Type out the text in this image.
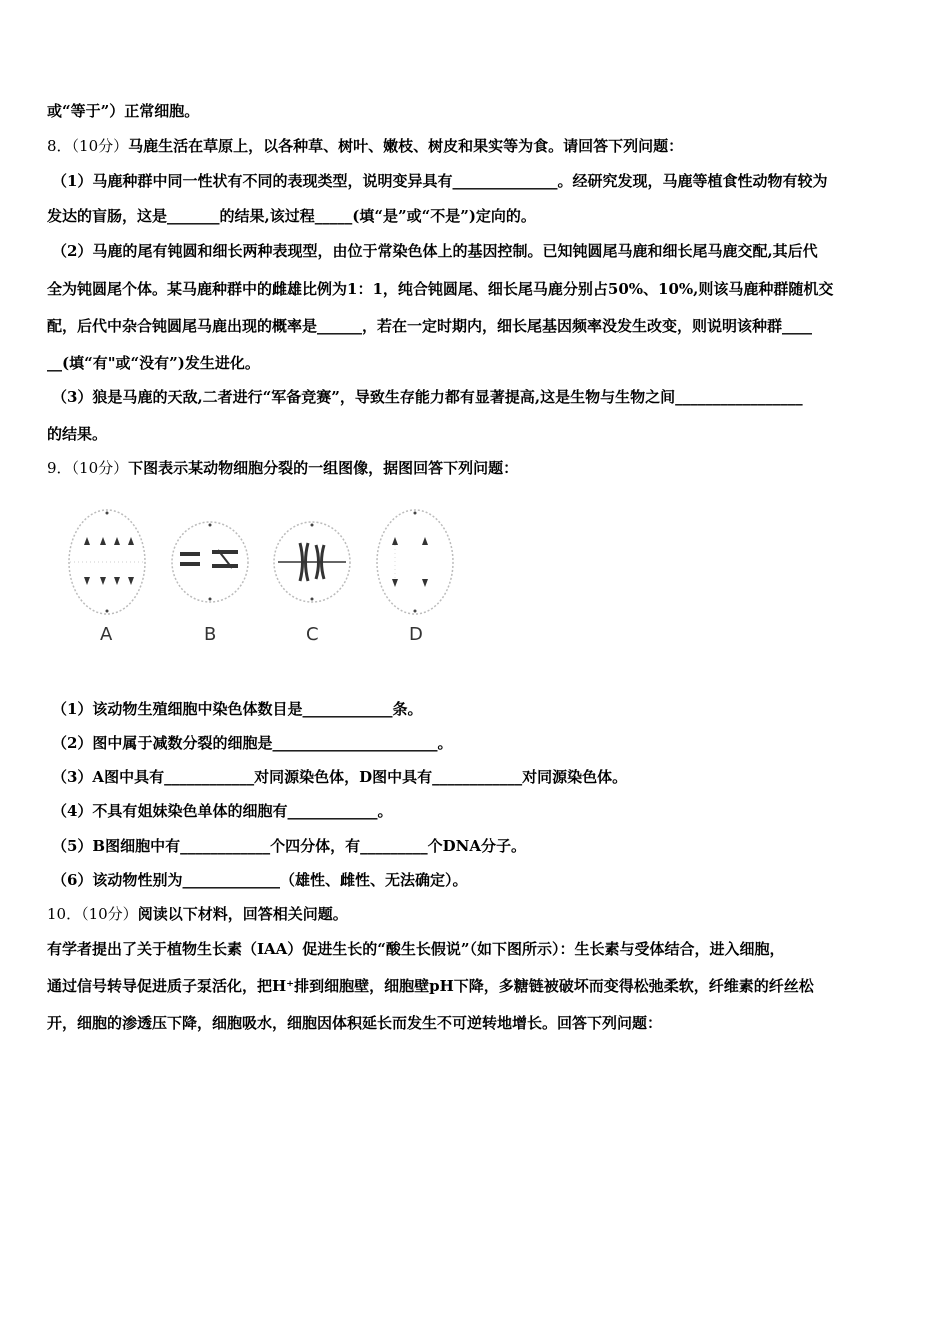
或“等于”）正常细胞。
8．（10分）马鹿生活在草原上，以各种草、树叶、嫩枝、树皮和果实等为食。请回答下列问题：
（1）马鹿种群中同一性状有不同的表现类型，说明变异具有______________。经研究发现，马鹿等植食性动物有较为
发达的盲肠，这是_______的结果,该过程_____(填“是”或“不是”)定向的。
（2）马鹿的尾有钝圆和细长两种表现型，由位于常染色体上的基因控制。已知钝圆尾马鹿和细长尾马鹿交配,其后代
全为钝圆尾个体。某马鹿种群中的雌雄比例为1：1，纯合钝圆尾、细长尾马鹿分别占50%、10%,则该马鹿种群随机交
配，后代中杂合钝圆尾马鹿出现的概率是______，若在一定时期内，细长尾基因频率没发生改变，则说明该种群____
__(填“有"或“没有”)发生进化。
（3）狼是马鹿的天敌,二者进行“军备竞赛”，导致生存能力都有显著提高,这是生物与生物之间_________________
的结果。
9．（10分）下图表示某动物细胞分裂的一组图像，据图回答下列问题：
A	B	C	D
（1）该动物生殖细胞中染色体数目是____________条。
（2）图中属于减数分裂的细胞是______________________。
（3）A图中具有____________对同源染色体，D图中具有____________对同源染色体。
（4）不具有姐妹染色单体的细胞有____________。
（5）B图细胞中有____________个四分体，有_________个DNA分子。
（6）该动物性别为_____________（雄性、雌性、无法确定）。
10．（10分）阅读以下材料，回答相关问题。
有学者提出了关于植物生长素（IAA）促进生长的“酸生长假说”（如下图所示）：生长素与受体结合，进入细胞，
通过信号转导促进质子泵活化，把H⁺排到细胞壁，细胞壁pH下降，多糖链被破坏而变得松弛柔软，纤维素的纤丝松
开，细胞的渗透压下降，细胞吸水，细胞因体积延长而发生不可逆转地增长。回答下列问题：
